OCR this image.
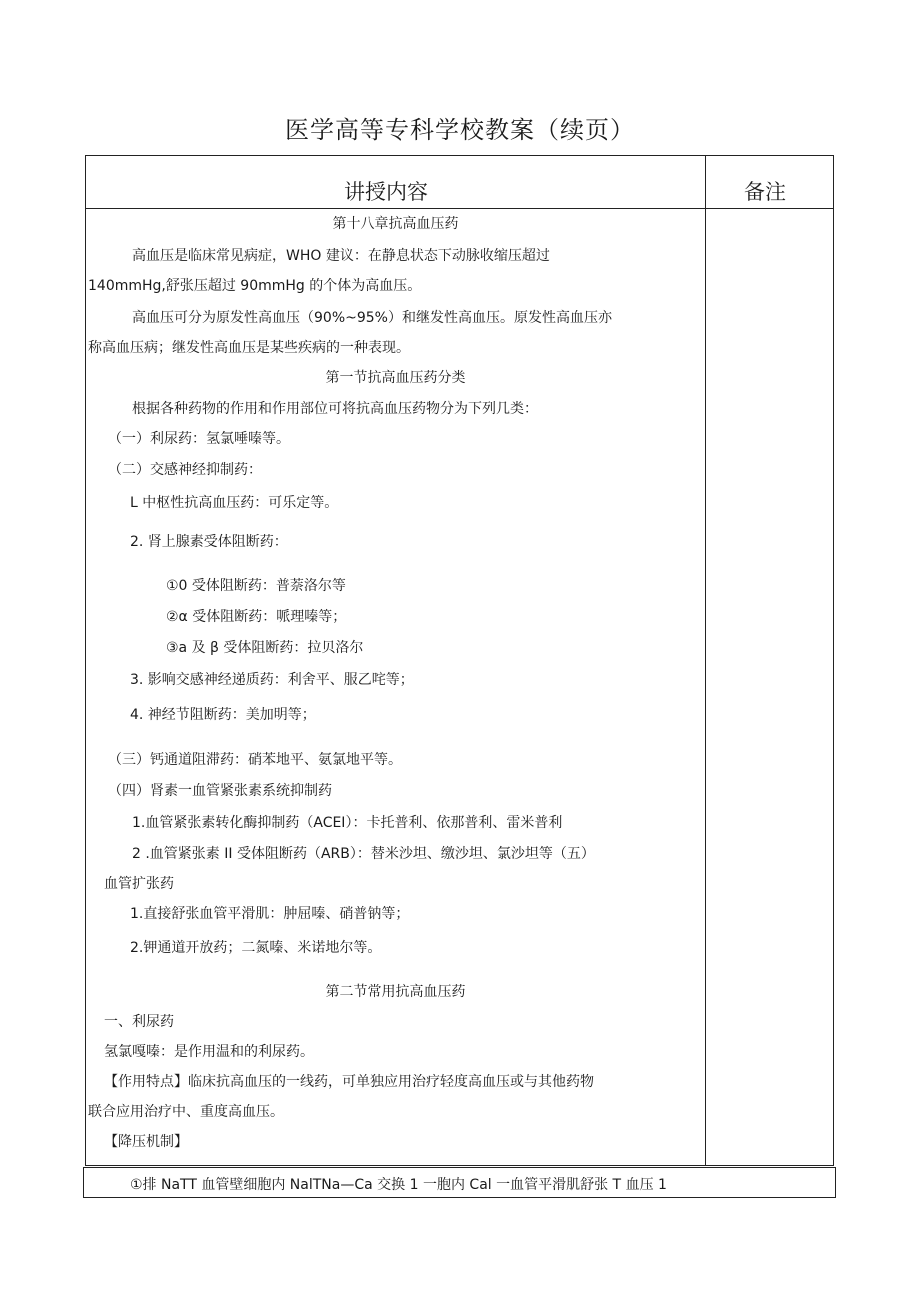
医学高等专科学校教案（续页）
讲授内容	备注

第十八章抗高血压药

高血压是临床常见病症，WHO 建议：在静息状态下动脉收缩压超过

140mmHg,舒张压超过 90mmHg 的个体为高血压。

高血压可分为原发性高血压（90%~95%）和继发性高血压。原发性高血压亦

称高血压病；继发性高血压是某些疾病的一种表现。

第一节抗高血压药分类

根据各种药物的作用和作用部位可将抗高血压药物分为下列几类：

（一）利尿药：氢氯唾嗪等。

（二）交感神经抑制药：

L 中枢性抗高血压药：可乐定等。

2. 肾上腺素受体阻断药：

①0 受体阻断药：普萘洛尔等

②α 受体阻断药：哌理嗪等；

③a 及 β 受体阻断药：拉贝洛尔

3. 影响交感神经递质药：利舍平、服乙咤等；

4. 神经节阻断药：美加明等；

（三）钙通道阻滞药：硝苯地平、氨氯地平等。

（四）肾素一血管紧张素系统抑制药

1.血管紧张素转化酶抑制药（ACEI）：卡托普利、依那普利、雷米普利

2 .血管紧张素 II 受体阻断药（ARB）：替米沙坦、缴沙坦、氯沙坦等（五）

血管扩张药

1.直接舒张血管平滑肌：肿屈嗪、硝普钠等；

2.钾通道开放药；二氮嗪、米诺地尔等。

第二节常用抗高血压药

一、利尿药

氢氯嘎嗪：是作用温和的利尿药。

【作用特点】临床抗高血压的一线药，可单独应用治疗轻度高血压或与其他药物

联合应用治疗中、重度高血压。

【降压机制】

①排 NaTT 血管壁细胞内 NalTNa—Ca 交换 1 一胞内 Cal 一血管平滑肌舒张 T 血压 1
